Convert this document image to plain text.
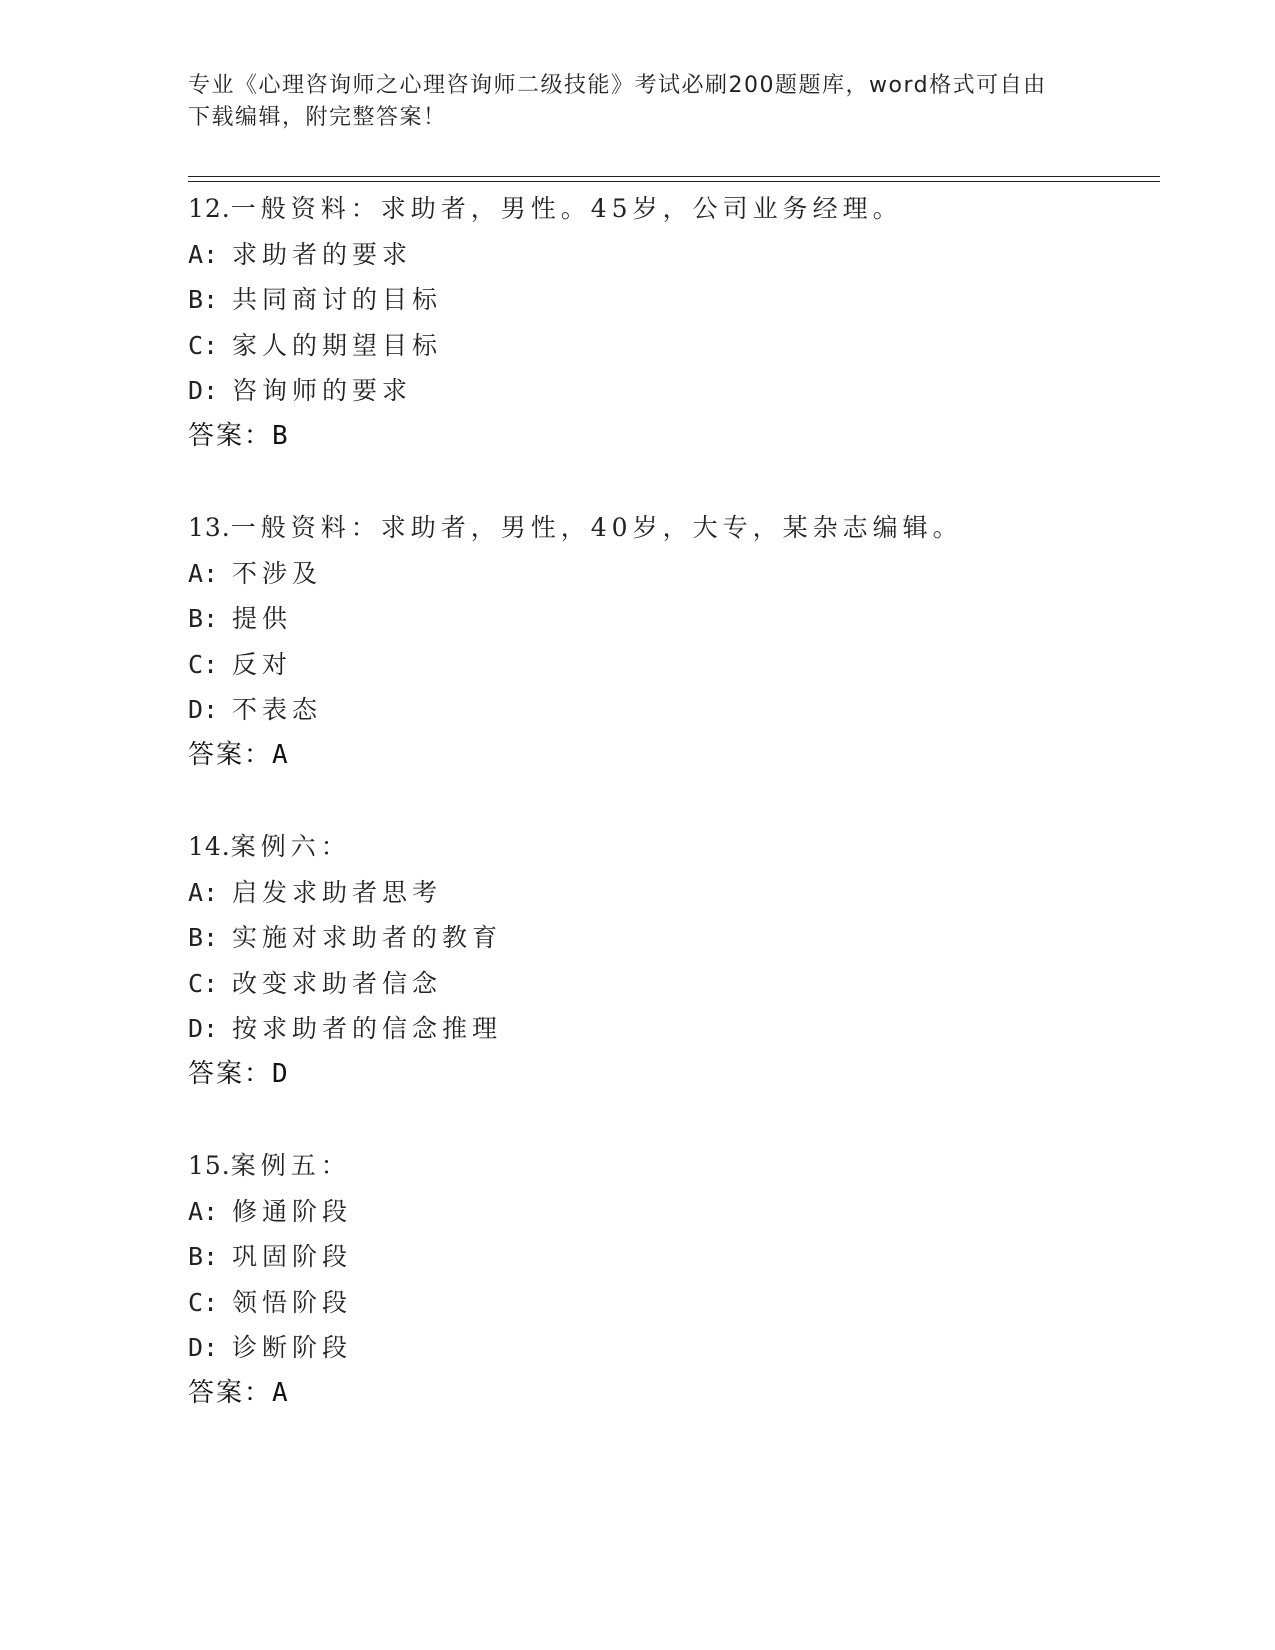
专业《心理咨询师之心理咨询师二级技能》考试必刷200题题库，word格式可自由下载编辑，附完整答案！
12.一般资料：求助者，男性。45岁，公司业务经理。
A: 求助者的要求
B: 共同商讨的目标
C: 家人的期望目标
D: 咨询师的要求
答案：B
13.一般资料：求助者，男性，40岁，大专，某杂志编辑。
A: 不涉及
B: 提供
C: 反对
D: 不表态
答案：A
14.案例六：
A: 启发求助者思考
B: 实施对求助者的教育
C: 改变求助者信念
D: 按求助者的信念推理
答案：D
15.案例五：
A: 修通阶段
B: 巩固阶段
C: 领悟阶段
D: 诊断阶段
答案：A
